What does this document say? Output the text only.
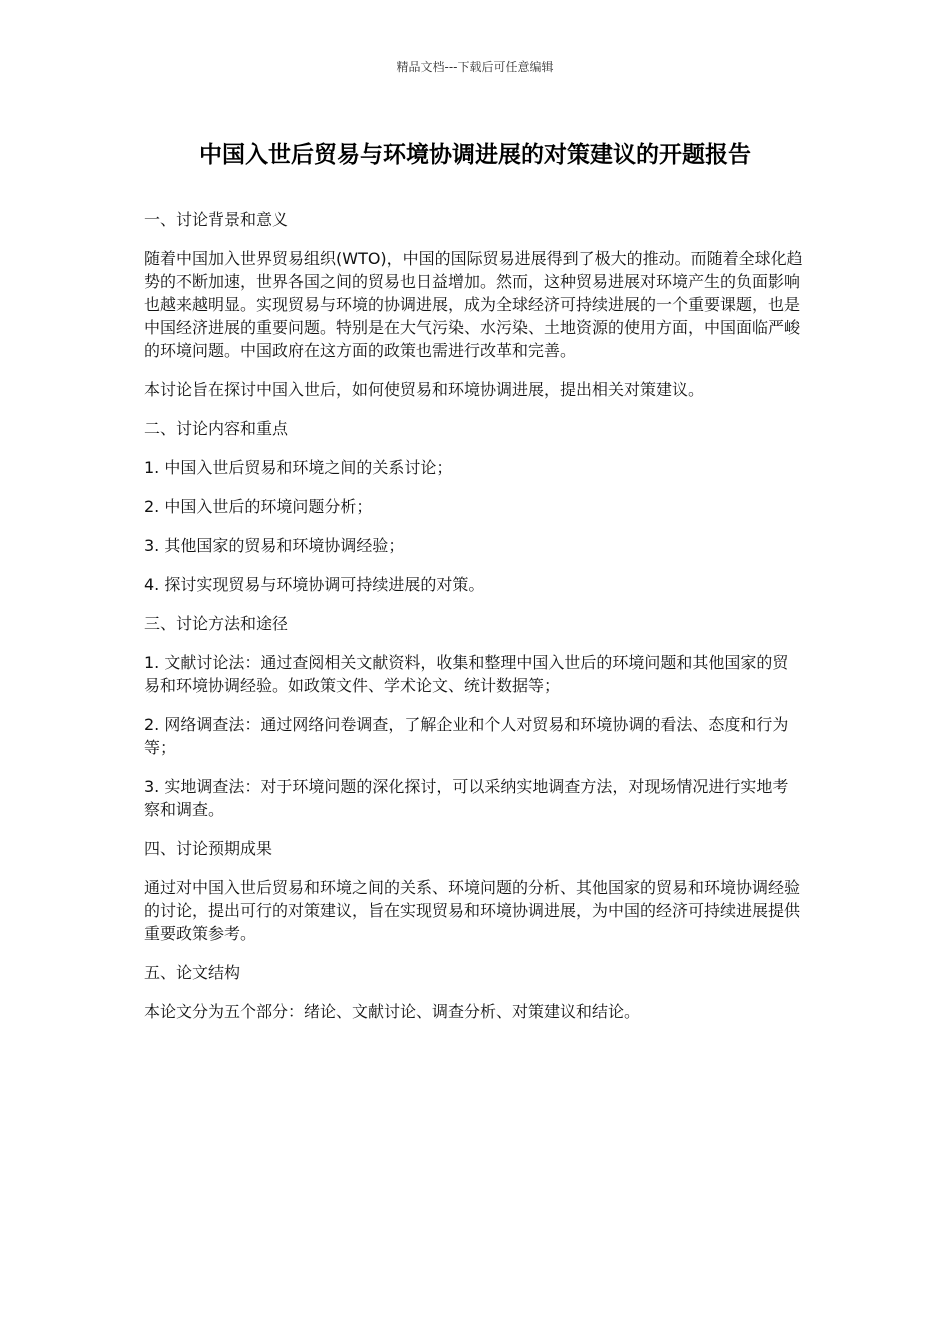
精品文档---下载后可任意编辑
中国入世后贸易与环境协调进展的对策建议的开题报告

一、讨论背景和意义

随着中国加入世界贸易组织(WTO)，中国的国际贸易进展得到了极大的推动。而随着全球化趋势的不断加速，世界各国之间的贸易也日益增加。然而，这种贸易进展对环境产生的负面影响也越来越明显。实现贸易与环境的协调进展，成为全球经济可持续进展的一个重要课题，也是中国经济进展的重要问题。特别是在大气污染、水污染、土地资源的使用方面，中国面临严峻的环境问题。中国政府在这方面的政策也需进行改革和完善。

本讨论旨在探讨中国入世后，如何使贸易和环境协调进展，提出相关对策建议。

二、讨论内容和重点

1. 中国入世后贸易和环境之间的关系讨论；

2. 中国入世后的环境问题分析；

3. 其他国家的贸易和环境协调经验；

4. 探讨实现贸易与环境协调可持续进展的对策。

三、讨论方法和途径

1. 文献讨论法：通过查阅相关文献资料，收集和整理中国入世后的环境问题和其他国家的贸易和环境协调经验。如政策文件、学术论文、统计数据等；

2. 网络调查法：通过网络问卷调查，了解企业和个人对贸易和环境协调的看法、态度和行为等；

3. 实地调查法：对于环境问题的深化探讨，可以采纳实地调查方法，对现场情况进行实地考察和调查。

四、讨论预期成果

通过对中国入世后贸易和环境之间的关系、环境问题的分析、其他国家的贸易和环境协调经验的讨论，提出可行的对策建议，旨在实现贸易和环境协调进展，为中国的经济可持续进展提供重要政策参考。

五、论文结构

本论文分为五个部分：绪论、文献讨论、调查分析、对策建议和结论。
